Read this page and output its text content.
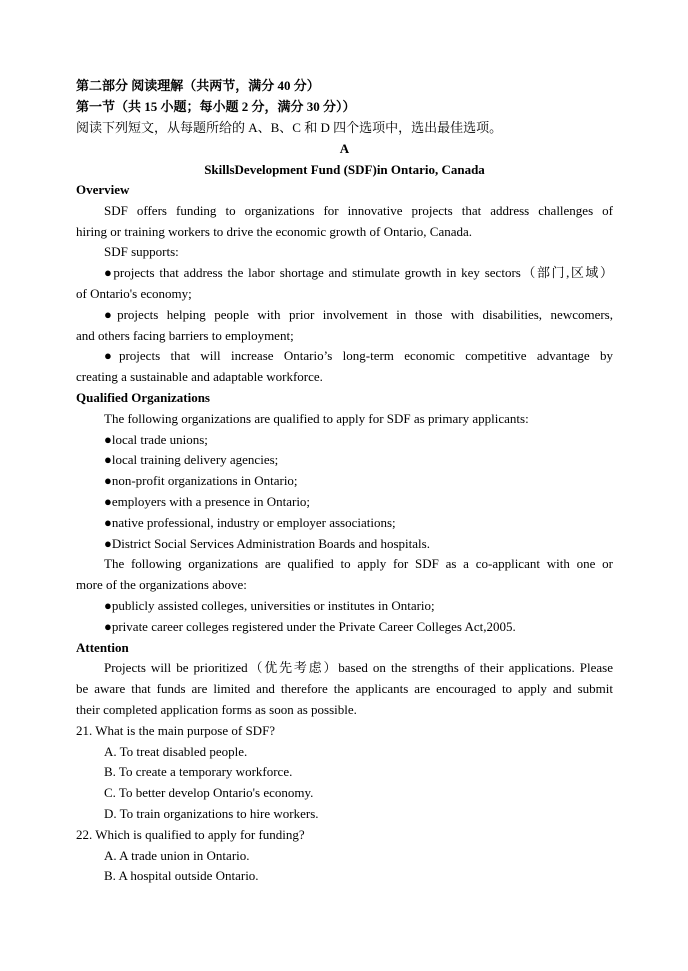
第二部分 阅读理解（共两节，满分 40 分）
第一节（共 15 小题；每小题 2 分，满分 30 分））
阅读下列短文，从每题所给的 A、B、C 和 D 四个选项中，选出最佳选项。
A
SkillsDevelopment Fund (SDF)in Ontario, Canada
Overview
SDF offers funding to organizations for innovative projects that address challenges of
hiring or training workers to drive the economic growth of Ontario, Canada.
SDF supports:
●projects that address the labor shortage and stimulate growth in key sectors（部门,区域）
of Ontario's economy;
●projects helping people with prior involvement in those with disabilities, newcomers,
and others facing barriers to employment;
●projects that will increase Ontario’s long-term economic competitive advantage by
creating a sustainable and adaptable workforce.
Qualified Organizations
The following organizations are qualified to apply for SDF as primary applicants:
●local trade unions;
●local training delivery agencies;
●non-profit organizations in Ontario;
●employers with a presence in Ontario;
●native professional, industry or employer associations;
●District Social Services Administration Boards and hospitals.
The following organizations are qualified to apply for SDF as a co-applicant with one or
more of the organizations above:
●publicly assisted colleges, universities or institutes in Ontario;
●private career colleges registered under the Private Career Colleges Act,2005.
Attention
Projects will be prioritized（优先考虑）based on the strengths of their applications. Please
be aware that funds are limited and therefore the applicants are encouraged to apply and submit
their completed application forms as soon as possible.
21. What is the main purpose of SDF?
A. To treat disabled people.
B. To create a temporary workforce.
C. To better develop Ontario's economy.
D. To train organizations to hire workers.
22. Which is qualified to apply for funding?
A. A trade union in Ontario.
B. A hospital outside Ontario.
